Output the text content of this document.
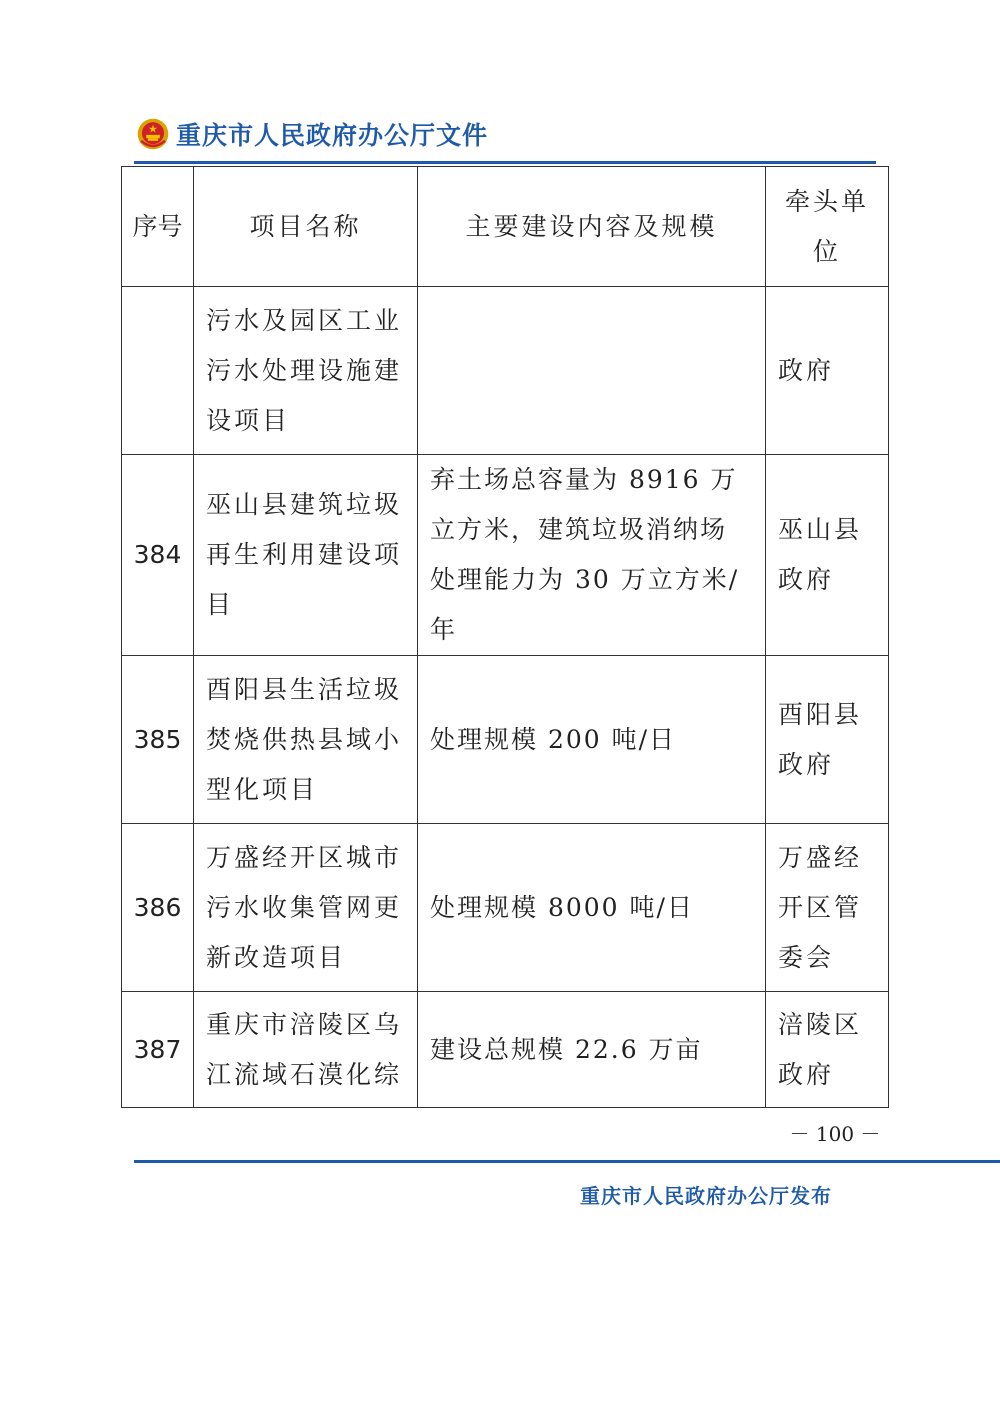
重庆市人民政府办公厅文件
序号	项目名称	主要建设内容及规模	牵头单位
	污水及园区工业污水处理设施建设项目		政府
384	巫山县建筑垃圾再生利用建设项目	弃土场总容量为 8916 万立方米，建筑垃圾消纳场处理能力为 30 万立方米/年	巫山县政府
385	酉阳县生活垃圾焚烧供热县域小型化项目	处理规模 200 吨/日	酉阳县政府
386	万盛经开区城市污水收集管网更新改造项目	处理规模 8000 吨/日	万盛经开区管委会
387	重庆市涪陵区乌江流域石漠化综	建设总规模 22.6 万亩	涪陵区政府
－ 100 －
重庆市人民政府办公厅发布
